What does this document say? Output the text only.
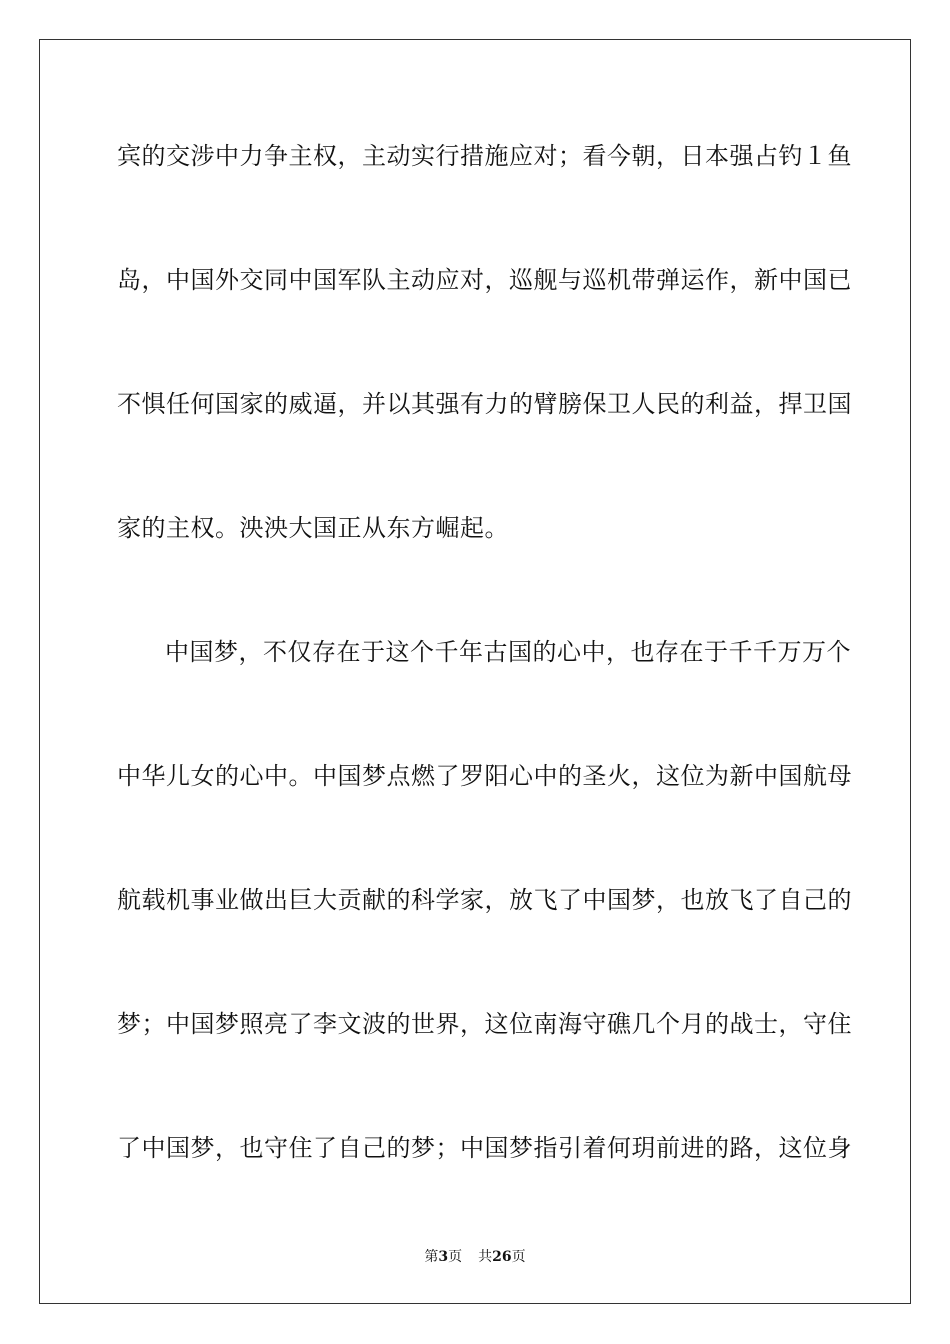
宾的交涉中力争主权，主动实行措施应对；看今朝，日本强占钓１鱼
岛，中国外交同中国军队主动应对，巡舰与巡机带弹运作，新中国已
不惧任何国家的威逼，并以其强有力的臂膀保卫人民的利益，捍卫国
家的主权。泱泱大国正从东方崛起。
中国梦，不仅存在于这个千年古国的心中，也存在于千千万万个
中华儿女的心中。中国梦点燃了罗阳心中的圣火，这位为新中国航母
航载机事业做出巨大贡献的科学家，放飞了中国梦，也放飞了自己的
梦；中国梦照亮了李文波的世界，这位南海守礁几个月的战士，守住
了中国梦，也守住了自己的梦；中国梦指引着何玥前进的路，这位身
第3页 共26页
